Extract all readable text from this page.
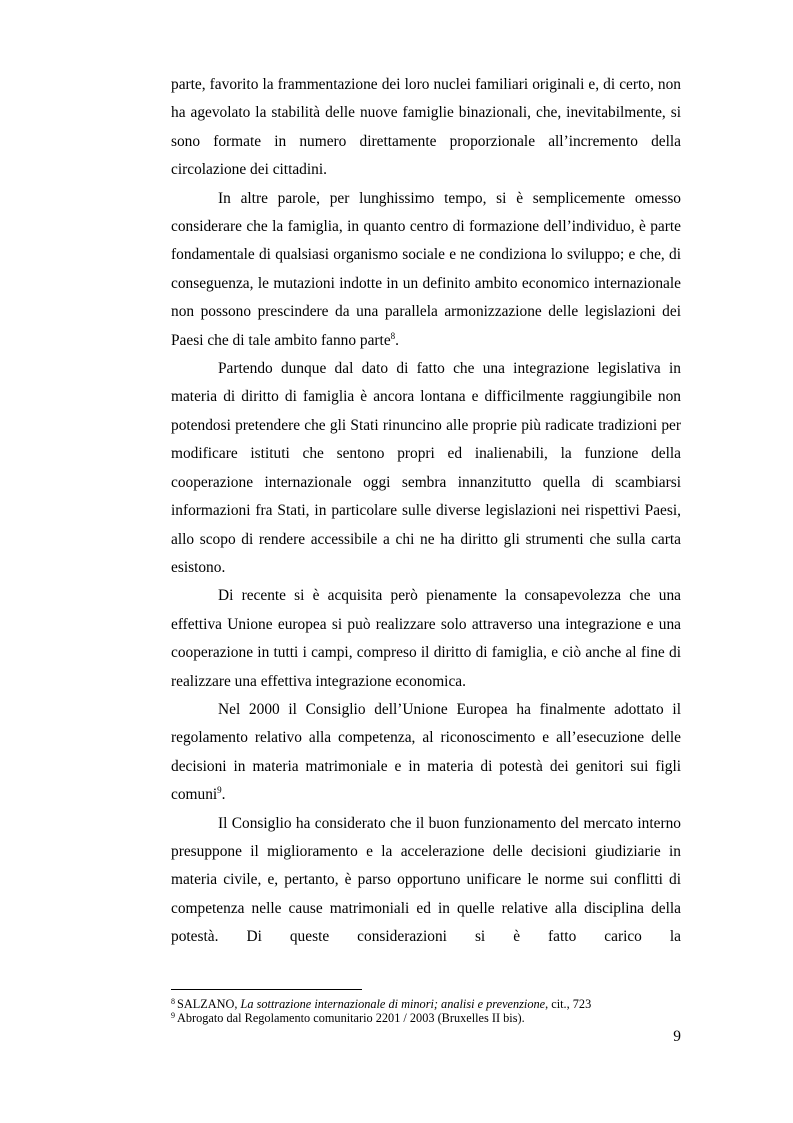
parte, favorito la frammentazione dei loro nuclei familiari originali e, di certo, non ha agevolato la stabilità delle nuove famiglie binazionali, che, inevitabilmente, si sono formate in numero direttamente proporzionale all’incremento della circolazione dei cittadini.

In altre parole, per lunghissimo tempo, si è semplicemente omesso considerare che la famiglia, in quanto centro di formazione dell’individuo, è parte fondamentale di qualsiasi organismo sociale e ne condiziona lo sviluppo; e che, di conseguenza, le mutazioni indotte in un definito ambito economico internazionale non possono prescindere da una parallela armonizzazione delle legislazioni dei Paesi che di tale ambito fanno parte$^8$.

Partendo dunque dal dato di fatto che una integrazione legislativa in materia di diritto di famiglia è ancora lontana e difficilmente raggiungibile non potendosi pretendere che gli Stati rinuncino alle proprie più radicate tradizioni per modificare istituti che sentono propri ed inalienabili, la funzione della cooperazione internazionale oggi sembra innanzitutto quella di scambiarsi informazioni fra Stati, in particolare sulle diverse legislazioni nei rispettivi Paesi, allo scopo di rendere accessibile a chi ne ha diritto gli strumenti che sulla carta esistono.

Di recente si è acquisita però pienamente la consapevolezza che una effettiva Unione europea si può realizzare solo attraverso una integrazione e una cooperazione in tutti i campi, compreso il diritto di famiglia, e ciò anche al fine di realizzare una effettiva integrazione economica.

Nel 2000 il Consiglio dell’Unione Europea ha finalmente adottato il regolamento relativo alla competenza, al riconoscimento e all’esecuzione delle decisioni in materia matrimoniale e in materia di potestà dei genitori sui figli comuni$^9$.

Il Consiglio ha considerato che il buon funzionamento del mercato interno presuppone il miglioramento e la accelerazione delle decisioni giudiziarie in materia civile, e, pertanto, è parso opportuno unificare le norme sui conflitti di competenza nelle cause matrimoniali ed in quelle relative alla disciplina della potestà. Di queste considerazioni si è fatto carico la

$^8$ SALZANO, La sottrazione internazionale di minori; analisi e prevenzione, cit., 723

$^9$ Abrogato dal Regolamento comunitario 2201 / 2003 (Bruxelles II bis).

9
